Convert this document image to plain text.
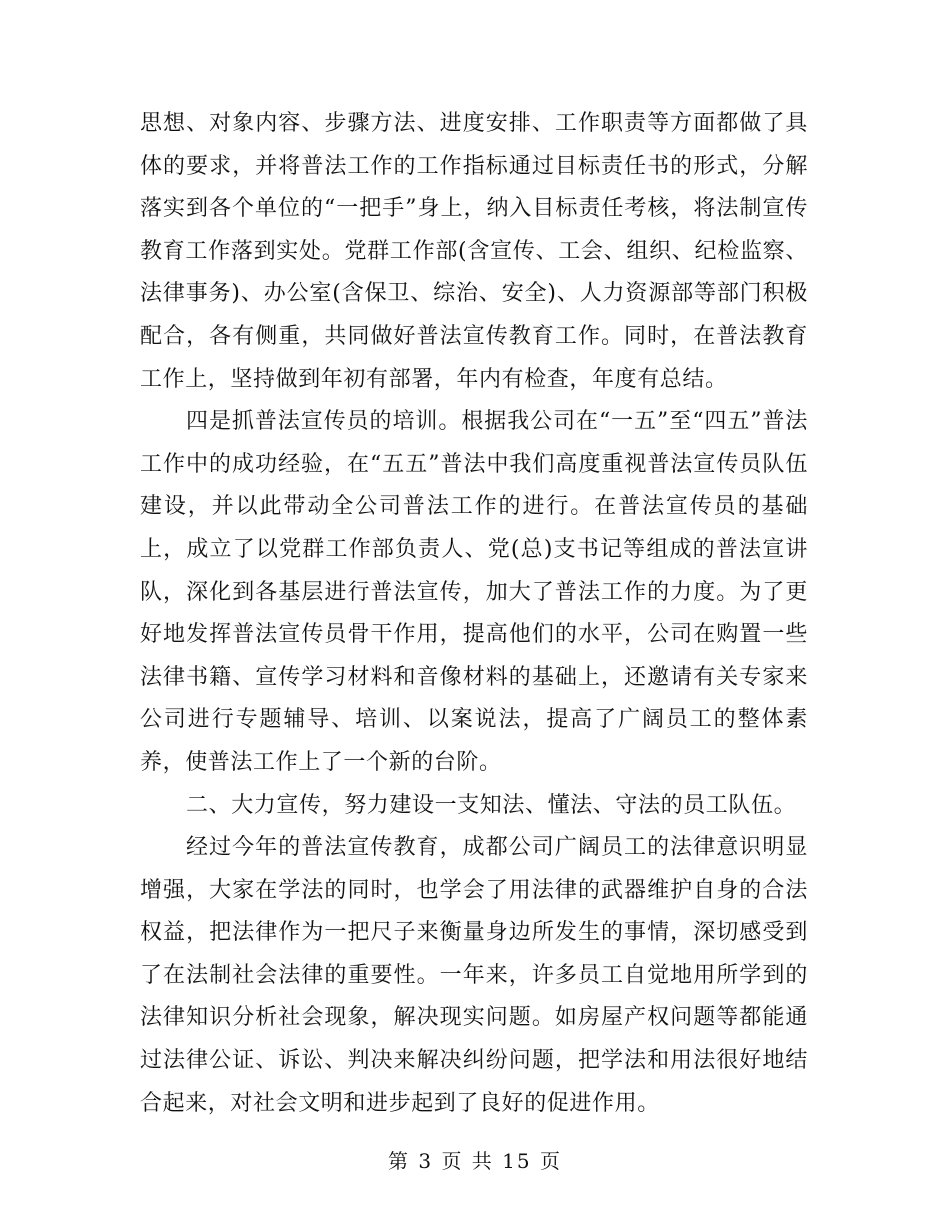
思想、对象内容、步骤方法、进度安排、工作职责等方面都做了具体的要求，并将普法工作的工作指标通过目标责任书的形式，分解落实到各个单位的“一把手”身上，纳入目标责任考核，将法制宣传教育工作落到实处。党群工作部(含宣传、工会、组织、纪检监察、法律事务)、办公室(含保卫、综治、安全)、人力资源部等部门积极配合，各有侧重，共同做好普法宣传教育工作。同时，在普法教育工作上，坚持做到年初有部署，年内有检查，年度有总结。

四是抓普法宣传员的培训。根据我公司在“一五”至“四五”普法工作中的成功经验，在“五五”普法中我们高度重视普法宣传员队伍建设，并以此带动全公司普法工作的进行。在普法宣传员的基础上，成立了以党群工作部负责人、党(总)支书记等组成的普法宣讲队，深化到各基层进行普法宣传，加大了普法工作的力度。为了更好地发挥普法宣传员骨干作用，提高他们的水平，公司在购置一些法律书籍、宣传学习材料和音像材料的基础上，还邀请有关专家来公司进行专题辅导、培训、以案说法，提高了广阔员工的整体素养，使普法工作上了一个新的台阶。

二、大力宣传，努力建设一支知法、懂法、守法的员工队伍。

经过今年的普法宣传教育，成都公司广阔员工的法律意识明显增强，大家在学法的同时，也学会了用法律的武器维护自身的合法权益，把法律作为一把尺子来衡量身边所发生的事情，深切感受到了在法制社会法律的重要性。一年来，许多员工自觉地用所学到的法律知识分析社会现象，解决现实问题。如房屋产权问题等都能通过法律公证、诉讼、判决来解决纠纷问题，把学法和用法很好地结合起来，对社会文明和进步起到了良好的促进作用。

第 3 页 共 15 页
